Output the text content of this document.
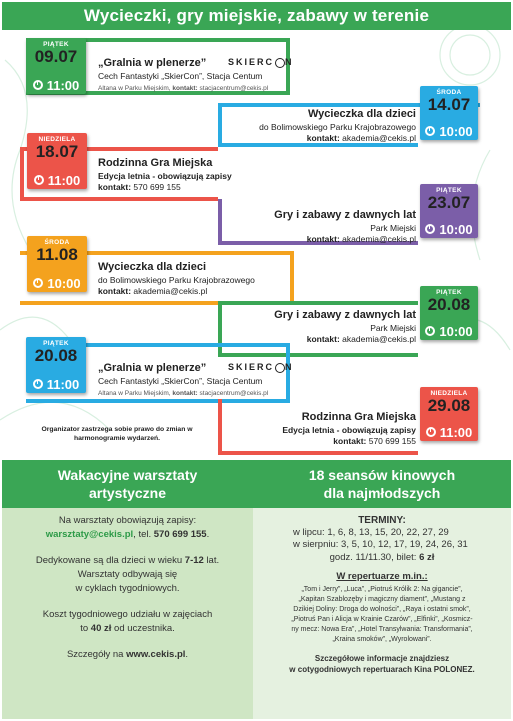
Wycieczki, gry miejskie, zabawy w terenie
PIĄTEK
09.07
11:00
„Gralnia w plenerze”
Cech Fantastyki „SkierCon”, Stacja Centum
Altana w Parku Miejskim, kontakt: stacjacentrum@cekis.pl
SKIERC N
ŚRODA
14.07
10:00
Wycieczka dla dzieci
do Bolimowskiego Parku Krajobrazowego
kontakt: akademia@cekis.pl
NIEDZIELA
18.07
11:00
Rodzinna Gra Miejska
Edycja letnia - obowiązują zapisy
kontakt: 570 699 155	PIĄTEK
23.07
10:00
Gry i zabawy z dawnych lat
Park Miejski
kontakt: akademia@cekis.pl
ŚRODA
11.08
10:00
Wycieczka dla dzieci
do Bolimowskiego Parku Krajobrazowego
kontakt: akademia@cekis.pl	PIĄTEK
20.08
10:00
Gry i zabawy z dawnych lat
Park Miejski
kontakt: akademia@cekis.pl
PIĄTEK
20.08
11:00
„Gralnia w plenerze”
Cech Fantastyki „SkierCon”, Stacja Centum
Altana w Parku Miejskim, kontakt: stacjacentrum@cekis.pl
SKIERC N
NIEDZIELA
29.08
11:00
Rodzinna Gra Miejska
Edycja letnia - obowiązują zapisy
kontakt: 570 699 155
Organizator zastrzega sobie prawo do zmian w harmonogramie wydarzeń.
Wakacyjne warsztaty
artystyczne

Na warsztaty obowiązują zapisy:
warsztaty@cekis.pl, tel. 570 699 155.

Dedykowane są dla dzieci w wieku 7-12 lat.
Warsztaty odbywają się
w cyklach tygodniowych.

Koszt tygodniowego udziału w zajęciach
to 40 zł od uczestnika.

Szczegóły na www.cekis.pl.

18 seansów kinowych
dla najmłodszych
TERMINY:
w lipcu: 1, 6, 8, 13, 15, 20, 22, 27, 29
w sierpniu: 3, 5, 10, 12, 17, 19, 24, 26, 31
godz. 11/11.30, bilet: 6 zł
W repertuarze m.in.:
„Tom i Jerry”, „Luca”, „Piotruś Królik 2: Na gigancie”,
„Kapitan Szablozęby i magiczny diament”, „Mustang z
Dzikiej Doliny: Droga do wolności”, „Raya i ostatni smok”,
„Piotruś Pan i Alicja w Krainie Czarów”, „Elfinki”, „Kosmicz-
ny mecz: Nowa Era”, „Hotel Transylwania: Transformania”,
„Kraina smoków”, „Wyrolowani”.
Szczegółowe informacje znajdziesz
w cotygodniowych repertuarach Kina POLONEZ.
